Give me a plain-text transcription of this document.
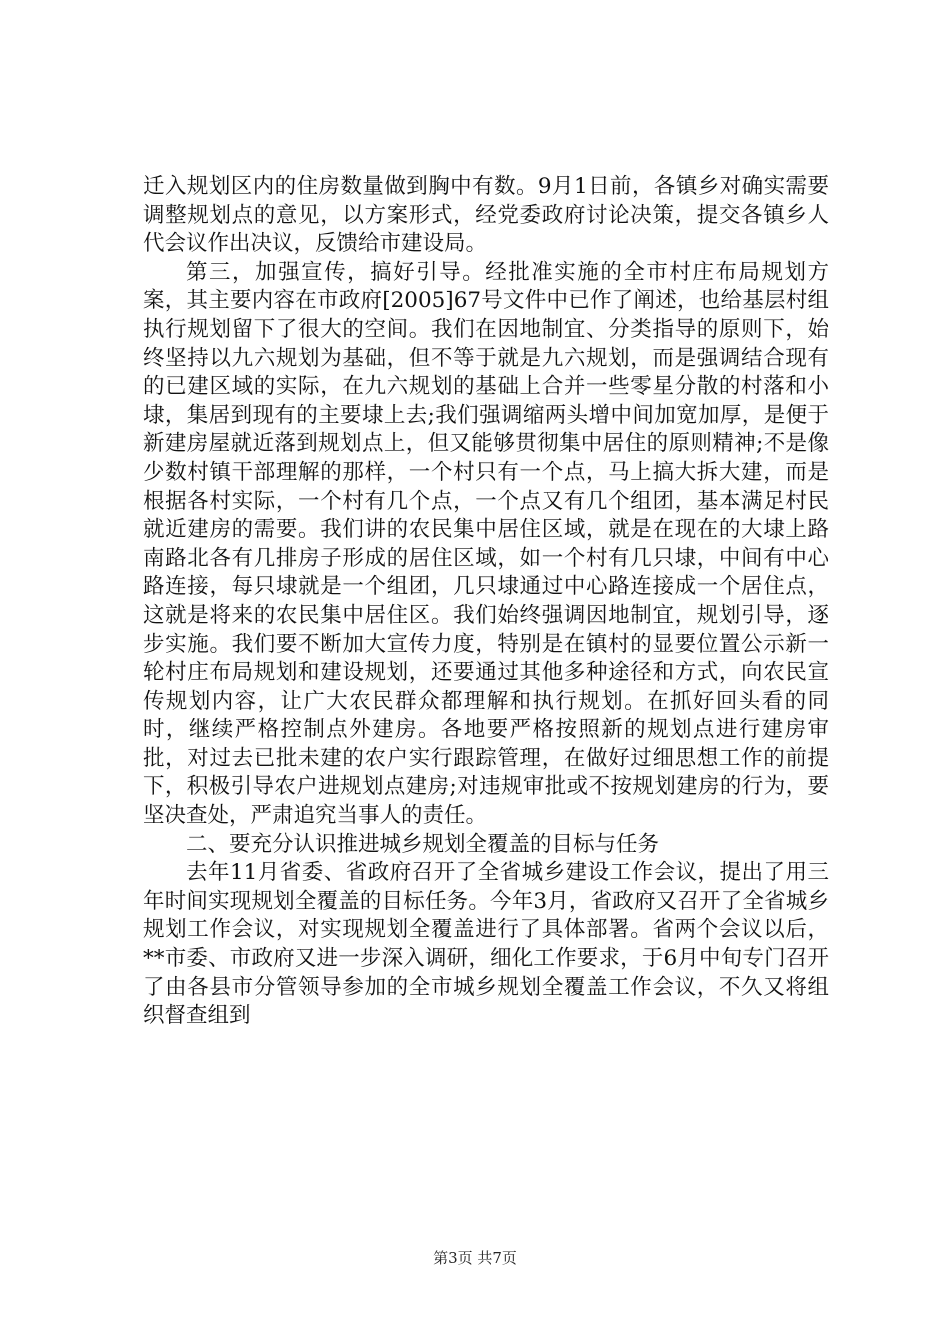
迁入规划区内的住房数量做到胸中有数。9月1日前，各镇乡对确实需要调整规划点的意见，以方案形式，经党委政府讨论决策，提交各镇乡人代会议作出决议，反馈给市建设局。

第三，加强宣传，搞好引导。经批准实施的全市村庄布局规划方案，其主要内容在市政府[2005]67号文件中已作了阐述，也给基层村组执行规划留下了很大的空间。我们在因地制宜、分类指导的原则下，始终坚持以九六规划为基础，但不等于就是九六规划，而是强调结合现有的已建区域的实际，在九六规划的基础上合并一些零星分散的村落和小埭，集居到现有的主要埭上去;我们强调缩两头增中间加宽加厚，是便于新建房屋就近落到规划点上，但又能够贯彻集中居住的原则精神;不是像少数村镇干部理解的那样，一个村只有一个点，马上搞大拆大建，而是根据各村实际，一个村有几个点，一个点又有几个组团，基本满足村民就近建房的需要。我们讲的农民集中居住区域，就是在现在的大埭上路南路北各有几排房子形成的居住区域，如一个村有几只埭，中间有中心路连接，每只埭就是一个组团，几只埭通过中心路连接成一个居住点，这就是将来的农民集中居住区。我们始终强调因地制宜，规划引导，逐步实施。我们要不断加大宣传力度，特别是在镇村的显要位置公示新一轮村庄布局规划和建设规划，还要通过其他多种途径和方式，向农民宣传规划内容，让广大农民群众都理解和执行规划。在抓好回头看的同时，继续严格控制点外建房。各地要严格按照新的规划点进行建房审批，对过去已批未建的农户实行跟踪管理，在做好过细思想工作的前提下，积极引导农户进规划点建房;对违规审批或不按规划建房的行为，要坚决查处，严肃追究当事人的责任。

二、要充分认识推进城乡规划全覆盖的目标与任务

去年11月省委、省政府召开了全省城乡建设工作会议，提出了用三年时间实现规划全覆盖的目标任务。今年3月，省政府又召开了全省城乡规划工作会议，对实现规划全覆盖进行了具体部署。省两个会议以后，**市委、市政府又进一步深入调研，细化工作要求，于6月中旬专门召开了由各县市分管领导参加的全市城乡规划全覆盖工作会议，不久又将组织督查组到

第3页 共7页
